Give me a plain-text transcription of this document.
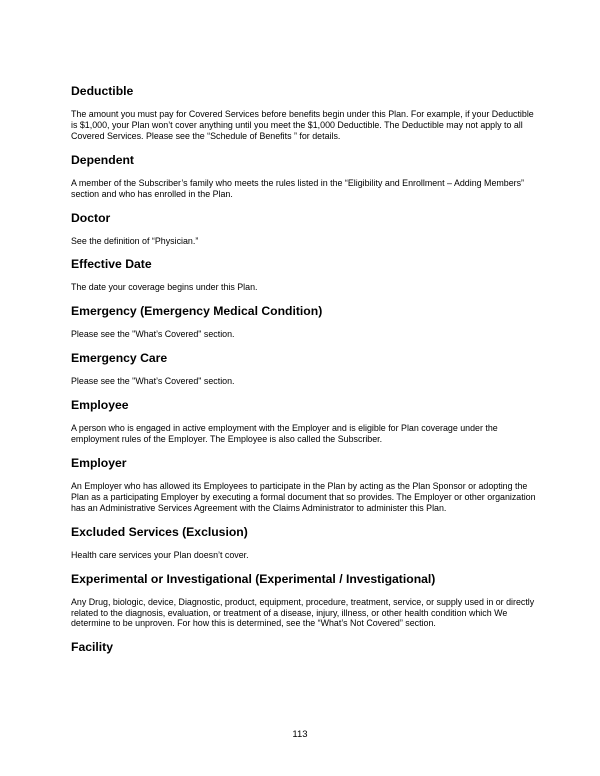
Deductible
The amount you must pay for Covered Services before benefits begin under this Plan. For example, if your Deductible is $1,000, your Plan won’t cover anything until you meet the $1,000 Deductible. The Deductible may not apply to all Covered Services. Please see the “Schedule of Benefits ” for details.
Dependent
A member of the Subscriber’s family who meets the rules listed in the “Eligibility and Enrollment – Adding Members” section and who has enrolled in the Plan.
Doctor
See the definition of “Physician.”
Effective Date
The date your coverage begins under this Plan.
Emergency (Emergency Medical Condition)
Please see the "What’s Covered" section.
Emergency Care
Please see the "What’s Covered" section.
Employee
A person who is engaged in active employment with the Employer and is eligible for Plan coverage under the employment rules of the Employer. The Employee is also called the Subscriber.
Employer
An Employer who has allowed its Employees to participate in the Plan by acting as the Plan Sponsor or adopting the Plan as a participating Employer by executing a formal document that so provides. The Employer or other organization has an Administrative Services Agreement with the Claims Administrator to administer this Plan.
Excluded Services (Exclusion)
Health care services your Plan doesn’t cover.
Experimental or Investigational (Experimental / Investigational)
Any Drug, biologic, device, Diagnostic, product, equipment, procedure, treatment, service, or supply used in or directly related to the diagnosis, evaluation, or treatment of a disease, injury, illness, or other health condition which We determine to be unproven. For how this is determined, see the “What’s Not Covered” section.
Facility
113
